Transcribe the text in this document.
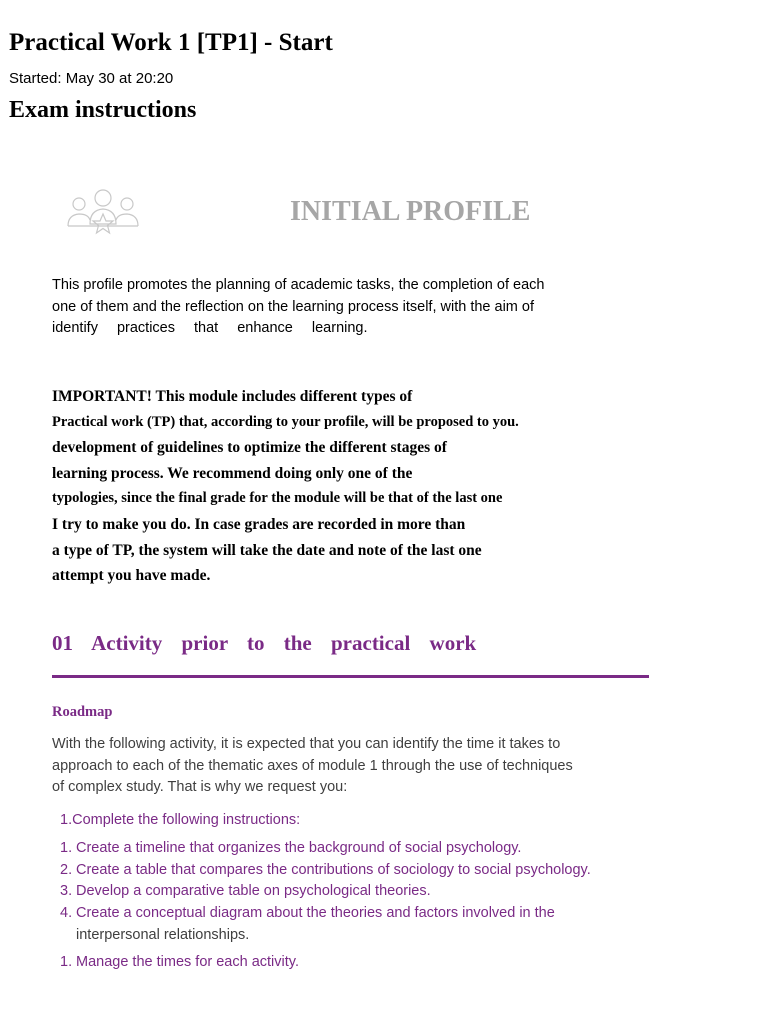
Practical Work 1 [TP1] - Start
Started: May 30 at 20:20
Exam instructions
INITIAL PROFILE
This profile promotes the planning of academic tasks, the completion of each
one of them and the reflection on the learning process itself, with the aim of
identify practices that enhance learning.
IMPORTANT! This module includes different types of
Practical work (TP) that, according to your profile, will be proposed to you.
development of guidelines to optimize the different stages of
learning process. We recommend doing only one of the
typologies, since the final grade for the module will be that of the last one
I try to make you do. In case grades are recorded in more than
a type of TP, the system will take the date and note of the last one
attempt you have made.
01 Activity prior to the practical work
Roadmap
With the following activity, it is expected that you can identify the time it takes to
approach to each of the thematic axes of module 1 through the use of techniques
of complex study. That is why we request you:
1.Complete the following instructions:
1. Create a timeline that organizes the background of social psychology.
2. Create a table that compares the contributions of sociology to social psychology.
3. Develop a comparative table on psychological theories.
4. Create a conceptual diagram about the theories and factors involved in the
interpersonal relationships.
1. Manage the times for each activity.
